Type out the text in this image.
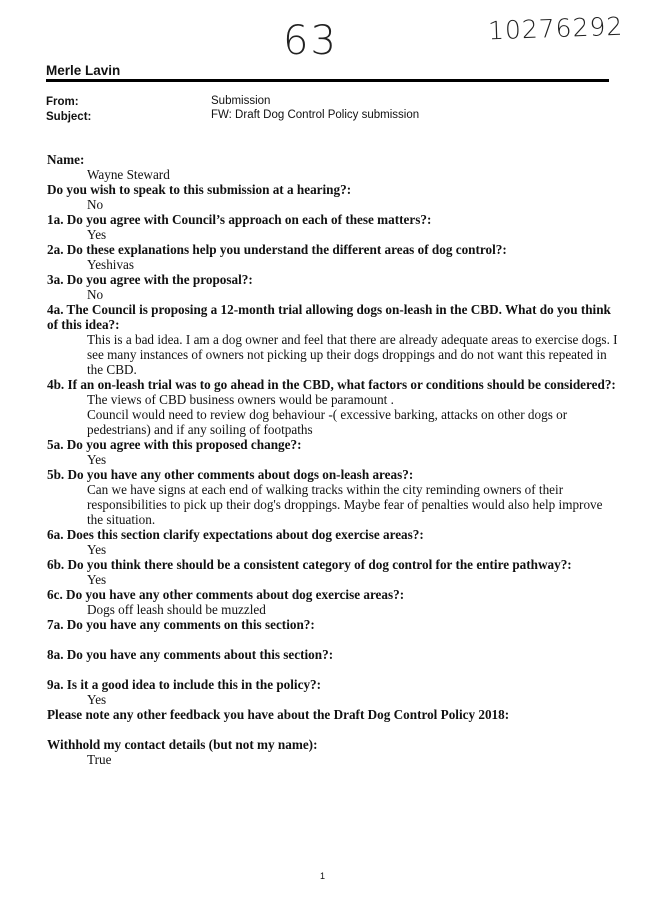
63	10276292
Merle Lavin
From:	Submission
Subject:	FW: Draft Dog Control Policy submission
Name:
Wayne Steward
Do you wish to speak to this submission at a hearing?:
No
1a. Do you agree with Council’s approach on each of these matters?:
Yes
2a. Do these explanations help you understand the different areas of dog control?:
Yeshivas
3a. Do you agree with the proposal?:
No
4a. The Council is proposing a 12-month trial allowing dogs on-leash in the CBD. What do you think of this idea?:
This is a bad idea. I am a dog owner and feel that there are already adequate areas to exercise dogs. I see many instances of owners not picking up their dogs droppings and do not want this repeated in the CBD.
4b. If an on-leash trial was to go ahead in the CBD, what factors or conditions should be considered?:
The views of CBD business owners would be paramount .
Council would need to review dog behaviour -( excessive barking, attacks on other dogs or pedestrians) and if any soiling of footpaths
5a. Do you agree with this proposed change?:
Yes
5b. Do you have any other comments about dogs on-leash areas?:
Can we have signs at each end of walking tracks within the city reminding owners of their responsibilities to pick up their dog's droppings. Maybe fear of penalties would also help improve the situation.
6a. Does this section clarify expectations about dog exercise areas?:
Yes
6b. Do you think there should be a consistent category of dog control for the entire pathway?:
Yes
6c. Do you have any other comments about dog exercise areas?:
Dogs off leash should be muzzled
7a. Do you have any comments on this section?:
8a. Do you have any comments about this section?:
9a. Is it a good idea to include this in the policy?:
Yes
Please note any other feedback you have about the Draft Dog Control Policy 2018:
Withhold my contact details (but not my name):
True
1
